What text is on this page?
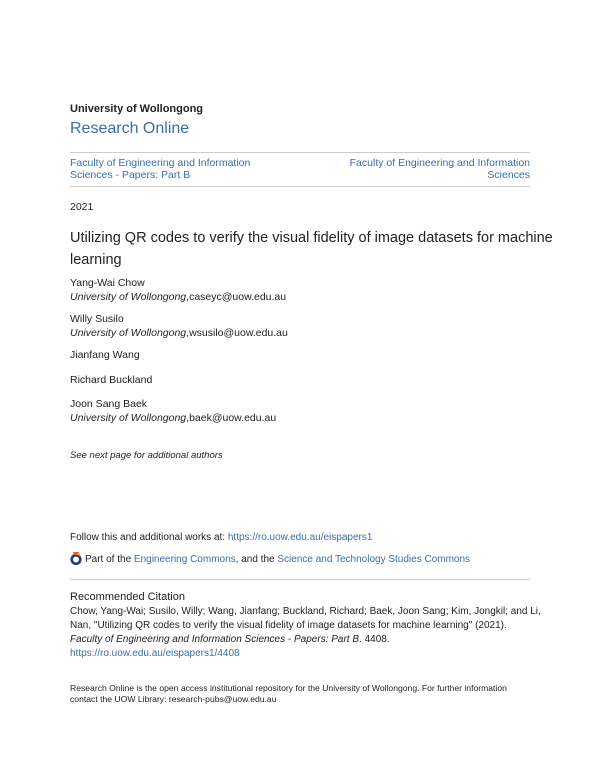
University of Wollongong
Research Online
Faculty of Engineering and Information
Sciences - Papers: Part B
Faculty of Engineering and Information
Sciences
2021
Utilizing QR codes to verify the visual fidelity of image datasets for machine
learning
Yang-Wai Chow
University of Wollongong,caseyc@uow.edu.au
Willy Susilo
University of Wollongong,wsusilo@uow.edu.au
Jianfang Wang
Richard Buckland
Joon Sang Baek
University of Wollongong,baek@uow.edu.au
See next page for additional authors
Follow this and additional works at: https://ro.uow.edu.au/eispapers1
Part of the Engineering Commons, and the Science and Technology Studies Commons
Recommended Citation
Chow, Yang-Wai; Susilo, Willy; Wang, Jianfang; Buckland, Richard; Baek, Joon Sang; Kim, Jongkil; and Li,
Nan, "Utilizing QR codes to verify the visual fidelity of image datasets for machine learning" (2021).
Faculty of Engineering and Information Sciences - Papers: Part B. 4408.
https://ro.uow.edu.au/eispapers1/4408
Research Online is the open access institutional repository for the University of Wollongong. For further information
contact the UOW Library: research-pubs@uow.edu.au
